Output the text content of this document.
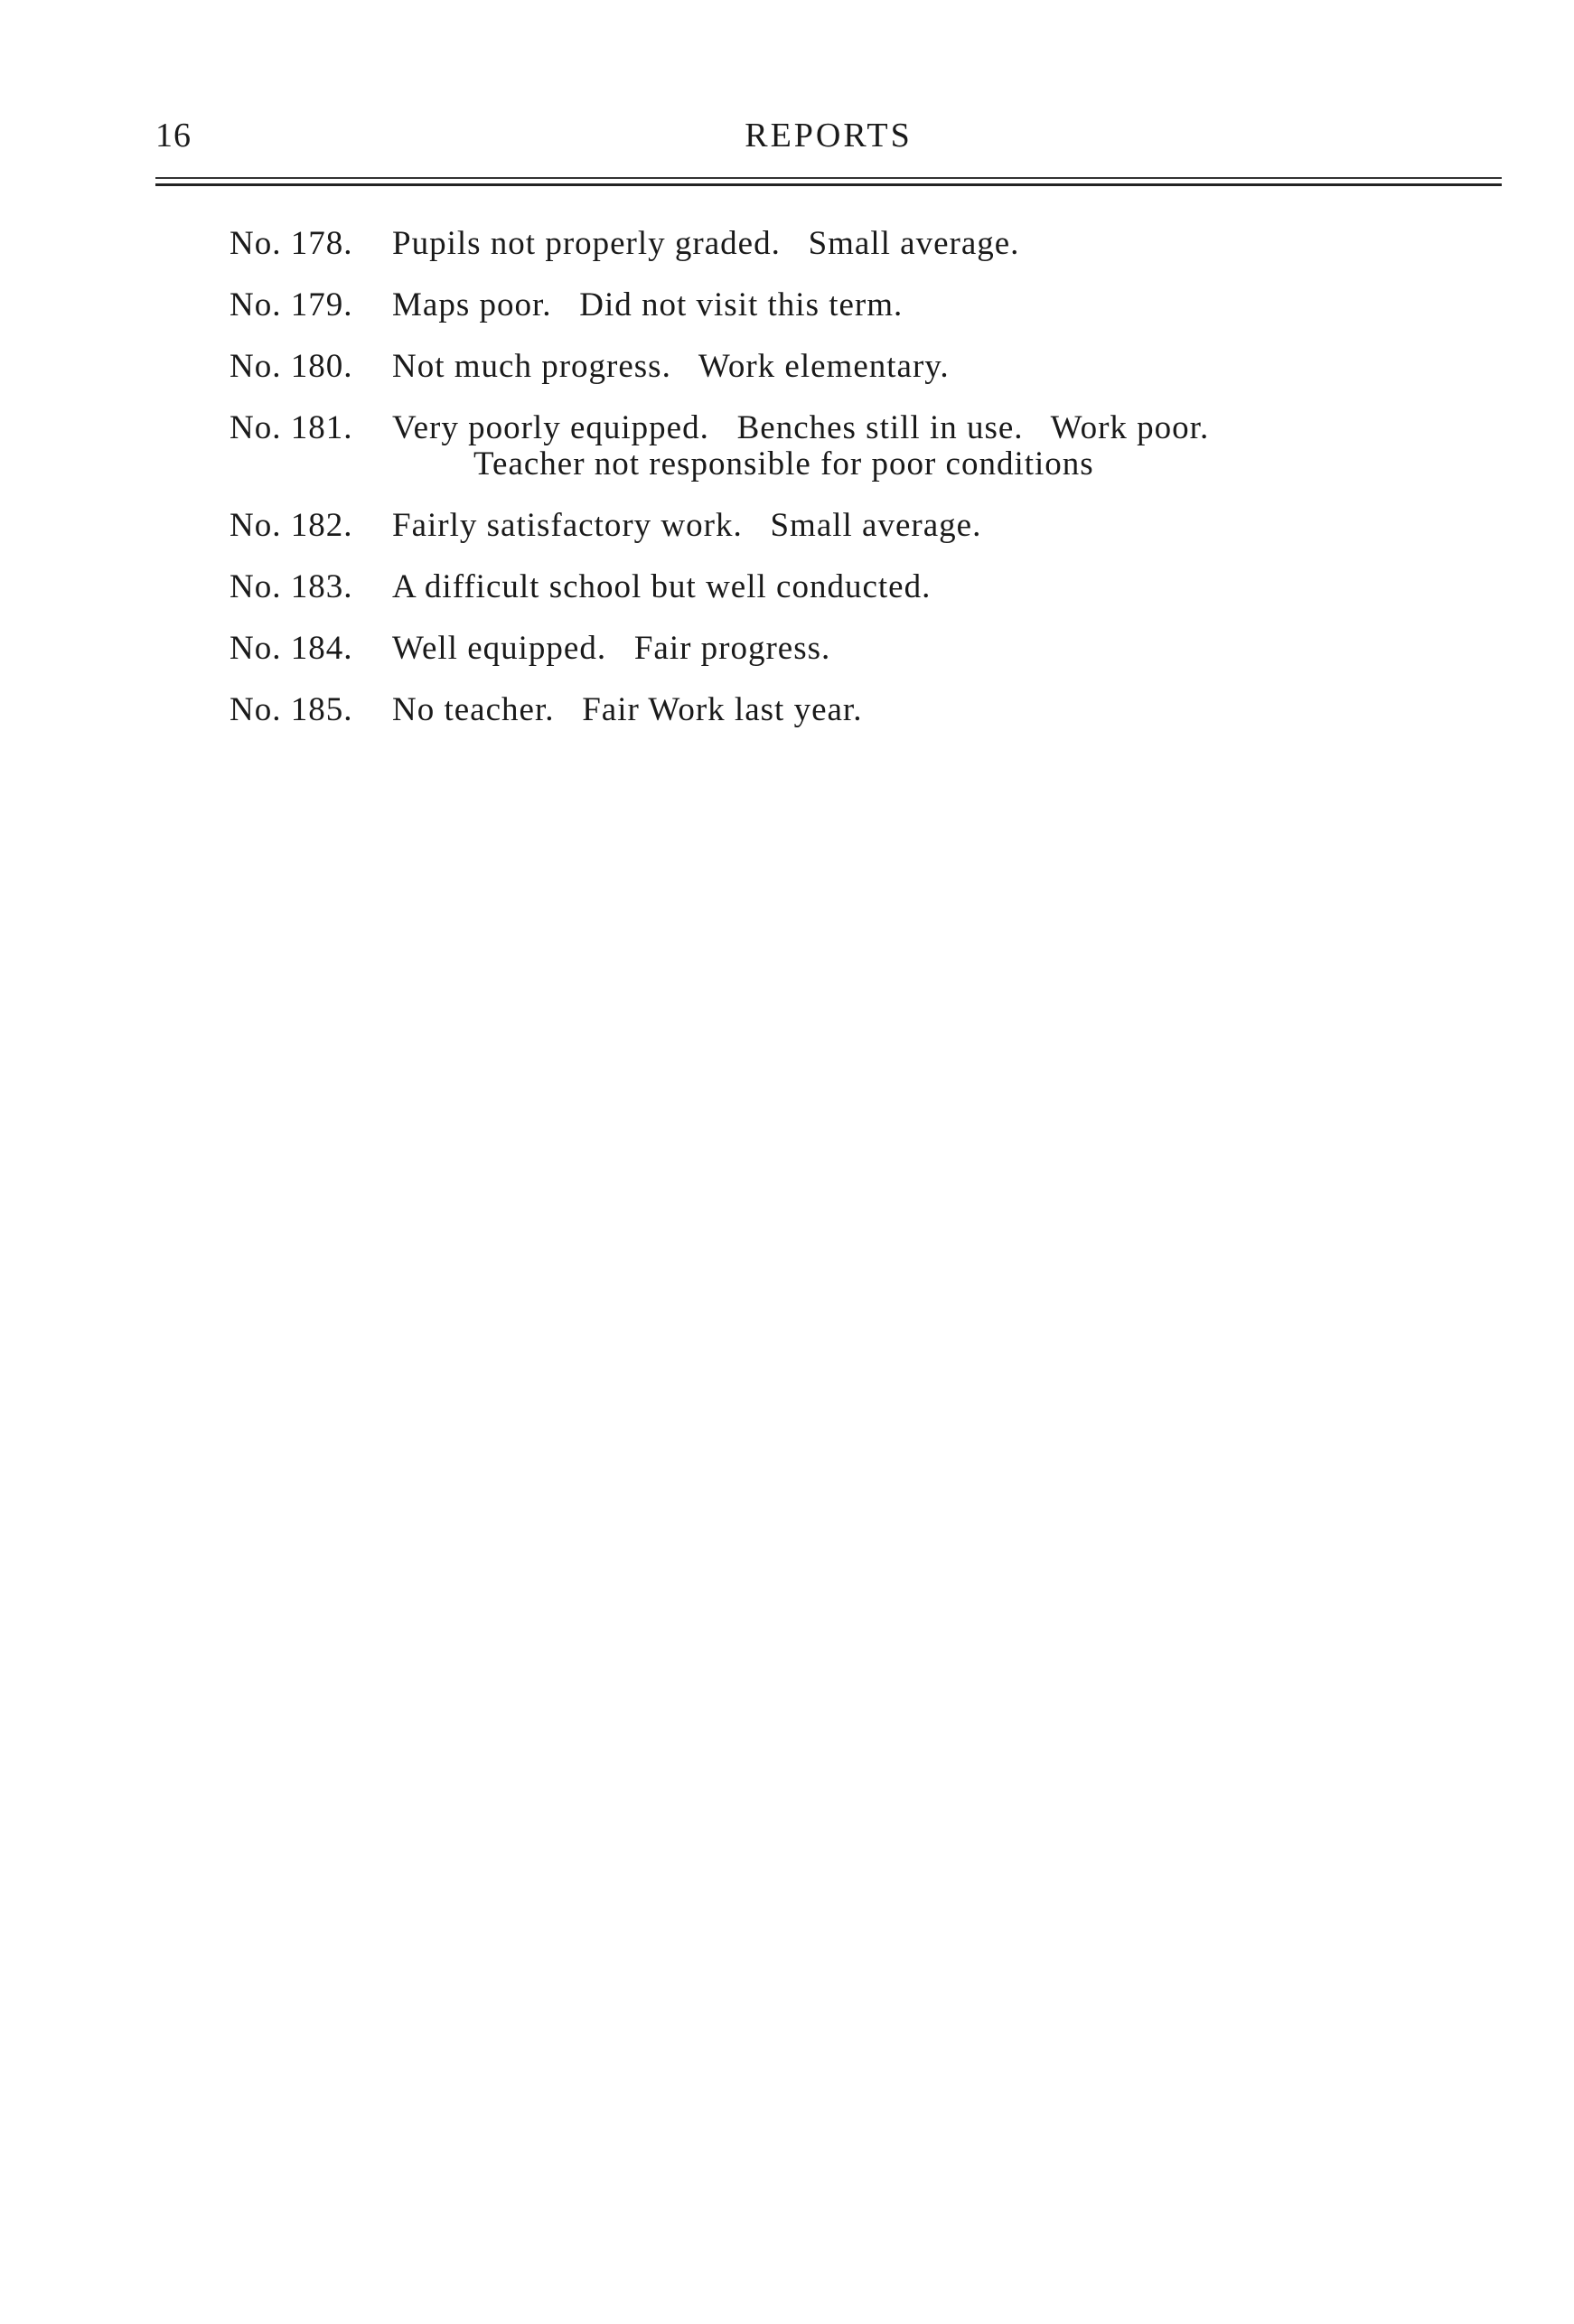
16	REPORTS
No. 178. Pupils not properly graded.   Small average.
No. 179. Maps poor.   Did not visit this term.
No. 180. Not much progress.   Work elementary.
No. 181. Very poorly equipped.   Benches still in use.   Work poor.
Teacher not responsible for poor conditions
No. 182. Fairly satisfactory work.   Small average.
No. 183. A difficult school but well conducted.
No. 184. Well equipped.   Fair progress.
No. 185. No teacher.   Fair Work last year.
